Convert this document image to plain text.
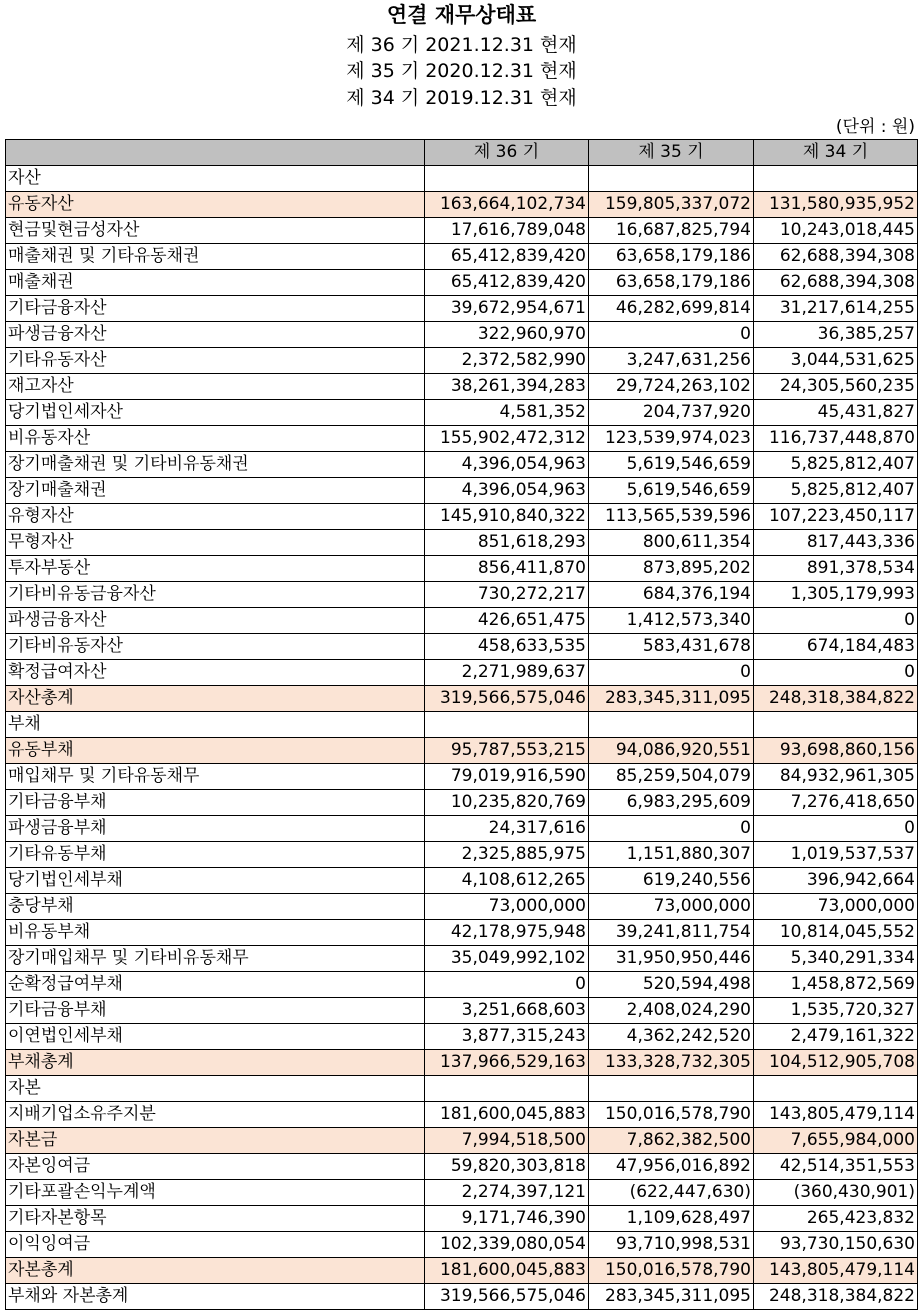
연결 재무상태표
제 36 기 2021.12.31 현재
제 35 기 2020.12.31 현재
제 34 기 2019.12.31 현재
(단위 : 원)
	제 36 기	제 35 기	제 34 기
자산			
유동자산	163,664,102,734	159,805,337,072	131,580,935,952
현금및현금성자산	17,616,789,048	16,687,825,794	10,243,018,445
매출채권 및 기타유동채권	65,412,839,420	63,658,179,186	62,688,394,308
매출채권	65,412,839,420	63,658,179,186	62,688,394,308
기타금융자산	39,672,954,671	46,282,699,814	31,217,614,255
파생금융자산	322,960,970	0	36,385,257
기타유동자산	2,372,582,990	3,247,631,256	3,044,531,625
재고자산	38,261,394,283	29,724,263,102	24,305,560,235
당기법인세자산	4,581,352	204,737,920	45,431,827
비유동자산	155,902,472,312	123,539,974,023	116,737,448,870
장기매출채권 및 기타비유동채권	4,396,054,963	5,619,546,659	5,825,812,407
장기매출채권	4,396,054,963	5,619,546,659	5,825,812,407
유형자산	145,910,840,322	113,565,539,596	107,223,450,117
무형자산	851,618,293	800,611,354	817,443,336
투자부동산	856,411,870	873,895,202	891,378,534
기타비유동금융자산	730,272,217	684,376,194	1,305,179,993
파생금융자산	426,651,475	1,412,573,340	0
기타비유동자산	458,633,535	583,431,678	674,184,483
확정급여자산	2,271,989,637	0	0
자산총계	319,566,575,046	283,345,311,095	248,318,384,822
부채			
유동부채	95,787,553,215	94,086,920,551	93,698,860,156
매입채무 및 기타유동채무	79,019,916,590	85,259,504,079	84,932,961,305
기타금융부채	10,235,820,769	6,983,295,609	7,276,418,650
파생금융부채	24,317,616	0	0
기타유동부채	2,325,885,975	1,151,880,307	1,019,537,537
당기법인세부채	4,108,612,265	619,240,556	396,942,664
충당부채	73,000,000	73,000,000	73,000,000
비유동부채	42,178,975,948	39,241,811,754	10,814,045,552
장기매입채무 및 기타비유동채무	35,049,992,102	31,950,950,446	5,340,291,334
순확정급여부채	0	520,594,498	1,458,872,569
기타금융부채	3,251,668,603	2,408,024,290	1,535,720,327
이연법인세부채	3,877,315,243	4,362,242,520	2,479,161,322
부채총계	137,966,529,163	133,328,732,305	104,512,905,708
자본			
지배기업소유주지분	181,600,045,883	150,016,578,790	143,805,479,114
자본금	7,994,518,500	7,862,382,500	7,655,984,000
자본잉여금	59,820,303,818	47,956,016,892	42,514,351,553
기타포괄손익누계액	2,274,397,121	(622,447,630)	(360,430,901)
기타자본항목	9,171,746,390	1,109,628,497	265,423,832
이익잉여금	102,339,080,054	93,710,998,531	93,730,150,630
자본총계	181,600,045,883	150,016,578,790	143,805,479,114
부채와 자본총계	319,566,575,046	283,345,311,095	248,318,384,822
